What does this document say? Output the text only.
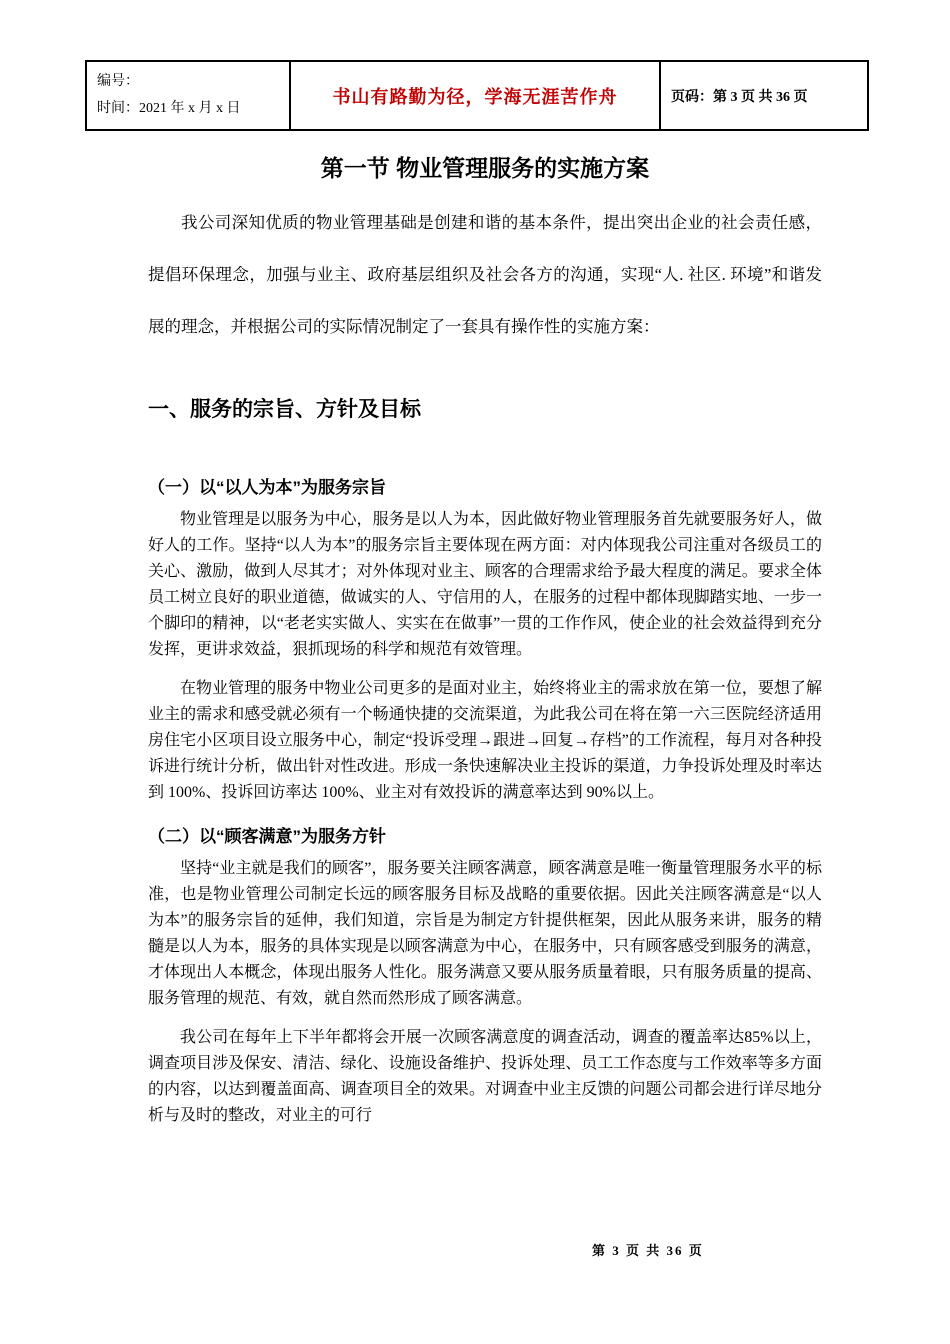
编号：
时间：2021 年 x 月 x 日
书山有路勤为径，学海无涯苦作舟	页码：第 3 页 共 36 页
第一节 物业管理服务的实施方案

我公司深知优质的物业管理基础是创建和谐的基本条件，提出突出企业的社会责任感，提倡环保理念，加强与业主、政府基层组织及社会各方的沟通，实现“人. 社区. 环境”和谐发展的理念，并根据公司的实际情况制定了一套具有操作性的实施方案：

一、服务的宗旨、方针及目标
（一）以“以人为本”为服务宗旨

物业管理是以服务为中心，服务是以人为本，因此做好物业管理服务首先就要服务好人，做好人的工作。坚持“以人为本”的服务宗旨主要体现在两方面：对内体现我公司注重对各级员工的关心、激励，做到人尽其才；对外体现对业主、顾客的合理需求给予最大程度的满足。要求全体员工树立良好的职业道德，做诚实的人、守信用的人，在服务的过程中都体现脚踏实地、一步一个脚印的精神，以“老老实实做人、实实在在做事”一贯的工作作风，使企业的社会效益得到充分发挥，更讲求效益，狠抓现场的科学和规范有效管理。

在物业管理的服务中物业公司更多的是面对业主，始终将业主的需求放在第一位，要想了解业主的需求和感受就必须有一个畅通快捷的交流渠道，为此我公司在将在第一六三医院经济适用房住宅小区项目设立服务中心，制定“投诉受理→跟进→回复→存档”的工作流程，每月对各种投诉进行统计分析，做出针对性改进。形成一条快速解决业主投诉的渠道，力争投诉处理及时率达到 100%、投诉回访率达 100%、业主对有效投诉的满意率达到 90%以上。

（二）以“顾客满意”为服务方针

坚持“业主就是我们的顾客”，服务要关注顾客满意，顾客满意是唯一衡量管理服务水平的标准，也是物业管理公司制定长远的顾客服务目标及战略的重要依据。因此关注顾客满意是“以人为本”的服务宗旨的延伸，我们知道，宗旨是为制定方针提供框架，因此从服务来讲，服务的精髓是以人为本，服务的具体实现是以顾客满意为中心，在服务中，只有顾客感受到服务的满意，才体现出人本概念，体现出服务人性化。服务满意又要从服务质量着眼，只有服务质量的提高、服务管理的规范、有效，就自然而然形成了顾客满意。

我公司在每年上下半年都将会开展一次顾客满意度的调查活动，调查的覆盖率达85%以上，调查项目涉及保安、清洁、绿化、设施设备维护、投诉处理、员工工作态度与工作效率等多方面的内容，以达到覆盖面高、调查项目全的效果。对调查中业主反馈的问题公司都会进行详尽地分析与及时的整改，对业主的可行

第 3 页 共 36 页
